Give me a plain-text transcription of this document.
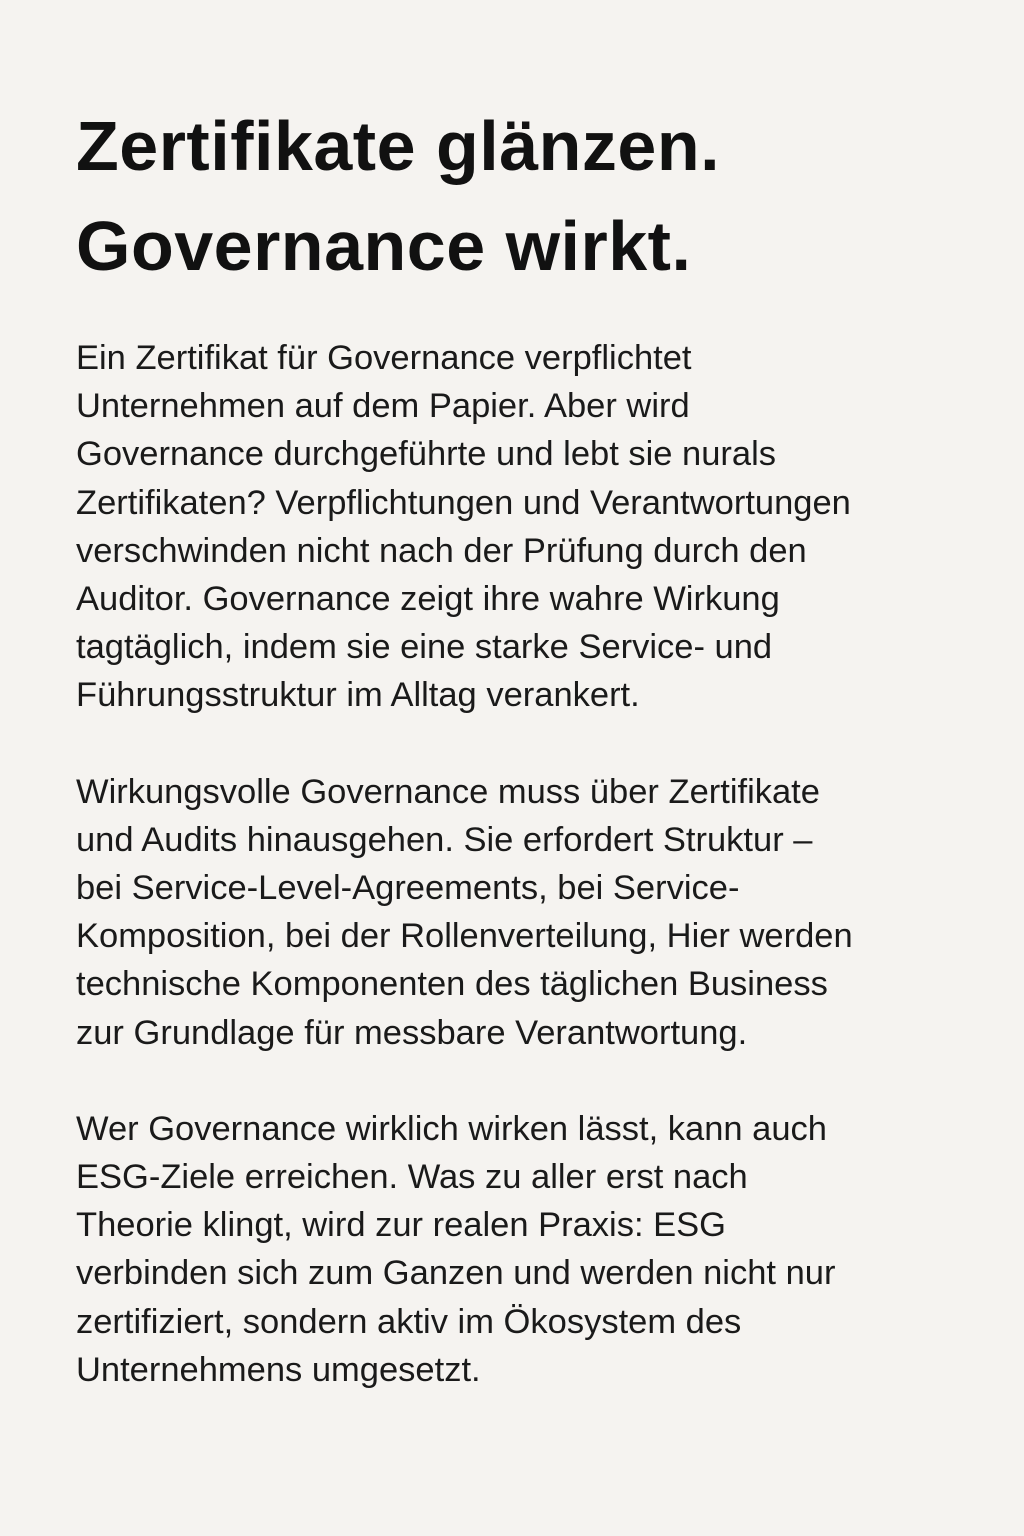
Zertifikate glänzen.
Governance wirkt.

Ein Zertifikat für Governance verpflichtet
Unternehmen auf dem Papier. Aber wird
Governance durchgeführte und lebt sie nurals
Zertifikaten? Verpflichtungen und Verantwortungen
verschwinden nicht nach der Prüfung durch den
Auditor. Governance zeigt ihre wahre Wirkung
tagtäglich, indem sie eine starke Service- und
Führungsstruktur im Alltag verankert.

Wirkungsvolle Governance muss über Zertifikate
und Audits hinausgehen. Sie erfordert Struktur –
bei Service-Level-Agreements, bei Service-
Komposition, bei der Rollenverteilung, Hier werden
technische Komponenten des täglichen Business
zur Grundlage für messbare Verantwortung.

Wer Governance wirklich wirken lässt, kann auch
ESG-Ziele erreichen. Was zu aller erst nach
Theorie klingt, wird zur realen Praxis: ESG
verbinden sich zum Ganzen und werden nicht nur
zertifiziert, sondern aktiv im Ökosystem des
Unternehmens umgesetzt.
